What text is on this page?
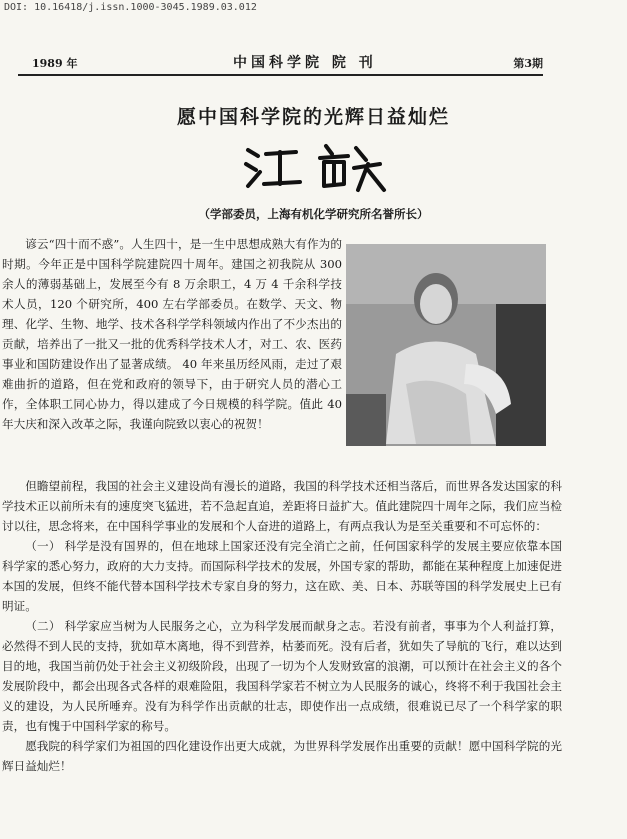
DOI: 10.16418/j.issn.1000-3045.1989.03.012
1989 年	中国科学院 院 刊	第3期
愿中国科学院的光辉日益灿烂
（学部委员，上海有机化学研究所名誉所长）

谚云“四十而不惑”。人生四十，是一生中思想成熟大有作为的时期。今年正是中国科学院建院四十周年。建国之初我院从 300 余人的薄弱基础上，发展至今有 8 万余职工，4 万 4 千余科学技术人员，120 个研究所，400 左右学部委员。在数学、天文、物理、化学、生物、地学、技术各科学学科领域内作出了不少杰出的贡献，培养出了一批又一批的优秀科学技术人才，对工、农、医药事业和国防建设作出了显著成绩。 40 年来虽历经风雨，走过了艰难曲折的道路，但在党和政府的领导下，由于研究人员的潜心工作，全体职工同心协力，得以建成了今日规模的科学院。值此 40 年大庆和深入改革之际，我谨向院致以衷心的祝贺！

但瞻望前程，我国的社会主义建设尚有漫长的道路，我国的科学技术还相当落后，而世界各发达国家的科学技术正以前所未有的速度突飞猛进，若不急起直追，差距将日益扩大。值此建院四十周年之际，我们应当检讨以往，思念将来，在中国科学事业的发展和个人奋进的道路上，有两点我认为是至关重要和不可忘怀的：

（一） 科学是没有国界的，但在地球上国家还没有完全消亡之前，任何国家科学的发展主要应依靠本国科学家的悉心努力，政府的大力支持。而国际科学技术的发展，外国专家的帮助，都能在某种程度上加速促进本国的发展，但终不能代替本国科学技术专家自身的努力，这在欧、美、日本、苏联等国的科学发展史上已有明证。

（二） 科学家应当树为人民服务之心，立为科学发展而献身之志。若没有前者，事事为个人利益打算，必然得不到人民的支持，犹如草木离地，得不到营养，枯萎而死。没有后者，犹如失了导航的飞行，难以达到目的地，我国当前仍处于社会主义初级阶段，出现了一切为个人发财致富的浪潮，可以预计在社会主义的各个发展阶段中，都会出现各式各样的艰难险阻，我国科学家若不树立为人民服务的诚心，终将不利于我国社会主义的建设，为人民所唾弃。没有为科学作出贡献的壮志，即使作出一点成绩，很难说已尽了一个科学家的职责，也有愧于中国科学家的称号。

愿我院的科学家们为祖国的四化建设作出更大成就，为世界科学发展作出重要的贡献！愿中国科学院的光辉日益灿烂！
